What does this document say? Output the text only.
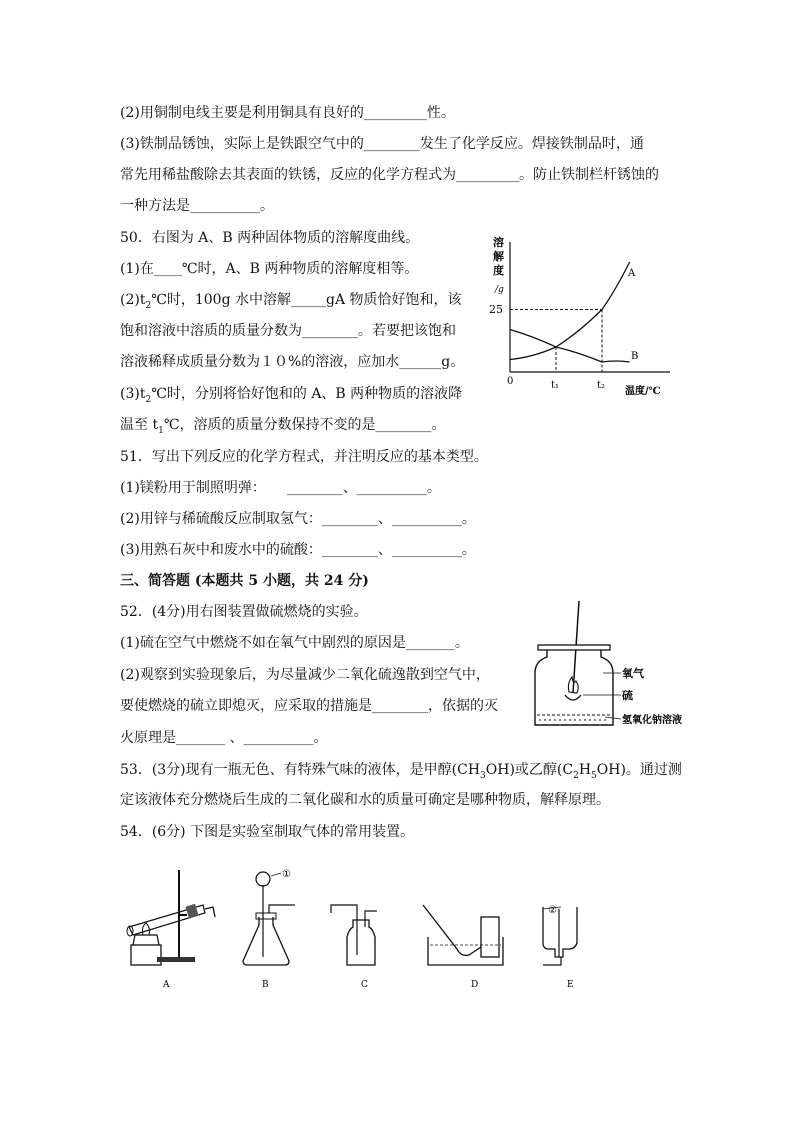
(2)用铜制电线主要是利用铜具有良好的_________性。
(3)铁制品锈蚀，实际上是铁跟空气中的________发生了化学反应。焊接铁制品时，通
常先用稀盐酸除去其表面的铁锈，反应的化学方程式为_________。防止铁制栏杆锈蚀的
一种方法是__________。
50．右图为 A、B 两种固体物质的溶解度曲线。
(1)在____℃时，A、B 两种物质的溶解度相等。
$(2)t_2℃$时，100g 水中溶解_____gA 物质恰好饱和，该
饱和溶液中溶质的质量分数为________。若要把该饱和
溶液稀释成质量分数为１０%的溶液，应加水______g。
$(3)t_2℃$时，分别将恰好饱和的 A、B 两种物质的溶液降
温至 $t_1℃$，溶质的质量分数保持不变的是________。
溶
解
度
/g
25
0	t₁	t₂
温度/℃
A
B
51．写出下列反应的化学方程式，并注明反应的基本类型。
(1)镁粉用于制照明弹：　　________、__________。
(2)用锌与稀硫酸反应制取氢气：________、__________。
(3)用熟石灰中和废水中的硫酸：________、__________。
三、简答题 (本题共 5 小题，共 24 分)
52．(4分)用右图装置做硫燃烧的实验。
(1)硫在空气中燃烧不如在氧气中剧烈的原因是_______。
(2)观察到实验现象后，为尽量减少二氧化硫逸散到空气中，
要使燃烧的硫立即熄灭，应采取的措施是________，依据的灭
火原理是_______ 、__________。
氧气
硫
氢氧化钠溶液
53．(3分)现有一瓶无色、有特殊气味的液体，是甲醇$(CH_3OH)$或乙醇$(C_2H_5OH)$。通过测
定该液体充分燃烧后生成的二氧化碳和水的质量可确定是哪种物质，解释原理。
54．(6分) 下图是实验室制取气体的常用装置。
A
①
B	C	D
②
E
